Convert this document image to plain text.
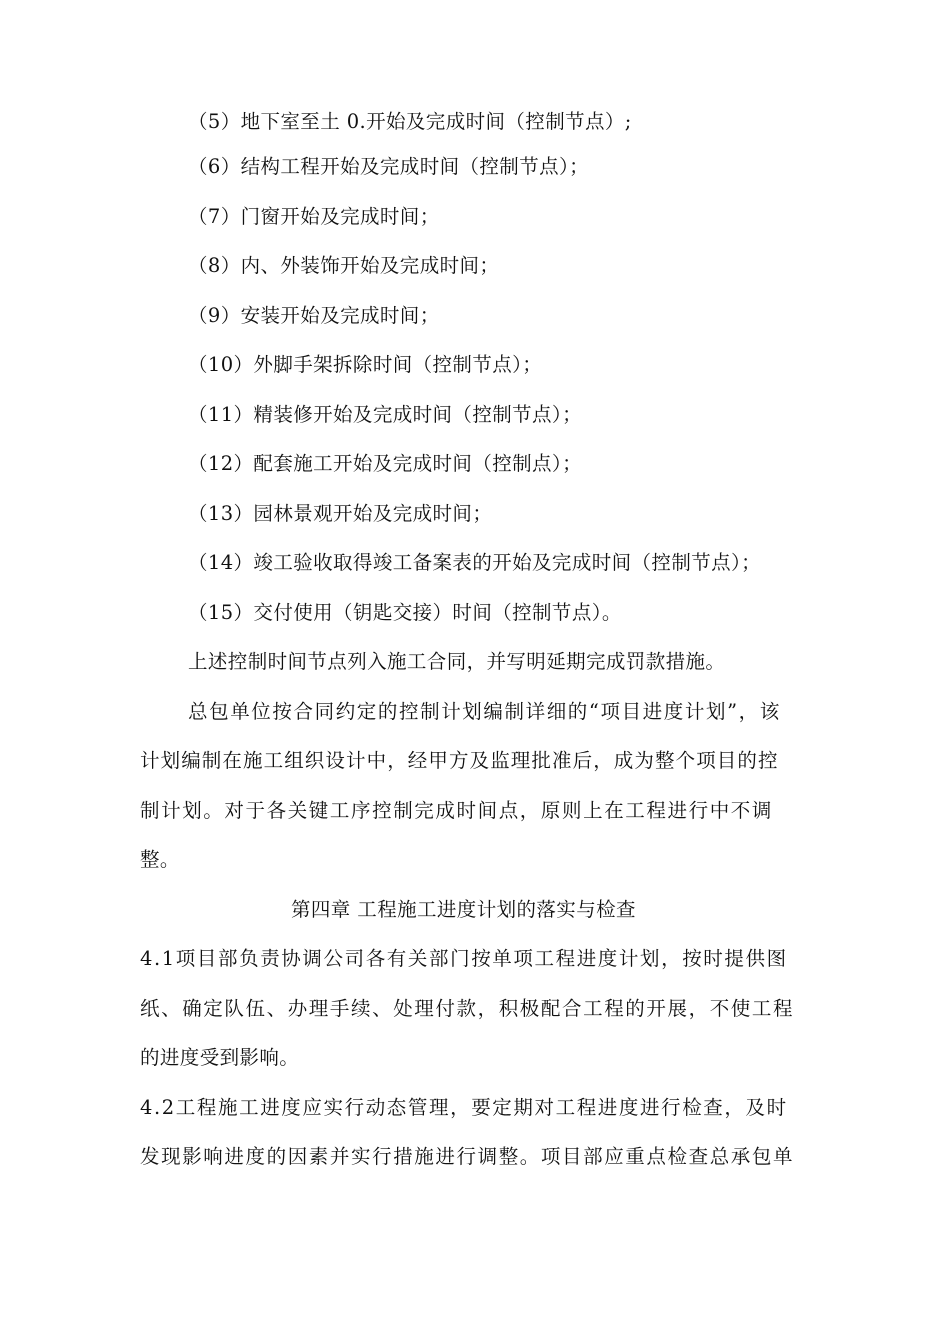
（5）地下室至土 0.开始及完成时间（控制节点）;
（6）结构工程开始及完成时间（控制节点）；
（7）门窗开始及完成时间；
（8）内、外装饰开始及完成时间；
（9）安装开始及完成时间；
（10）外脚手架拆除时间（控制节点）；
（11）精装修开始及完成时间（控制节点）；
（12）配套施工开始及完成时间（控制点）；
（13）园林景观开始及完成时间；
（14）竣工验收取得竣工备案表的开始及完成时间（控制节点）；
（15）交付使用（钥匙交接）时间（控制节点）。
上述控制时间节点列入施工合同，并写明延期完成罚款措施。
总包单位按合同约定的控制计划编制详细的“项目进度计划”，该
计划编制在施工组织设计中，经甲方及监理批准后，成为整个项目的控
制计划。对于各关键工序控制完成时间点，原则上在工程进行中不调
整。
第四章 工程施工进度计划的落实与检查
4.1项目部负责协调公司各有关部门按单项工程进度计划，按时提供图
纸、确定队伍、办理手续、处理付款，积极配合工程的开展，不使工程
的进度受到影响。
4.2工程施工进度应实行动态管理，要定期对工程进度进行检查，及时
发现影响进度的因素并实行措施进行调整。项目部应重点检查总承包单
